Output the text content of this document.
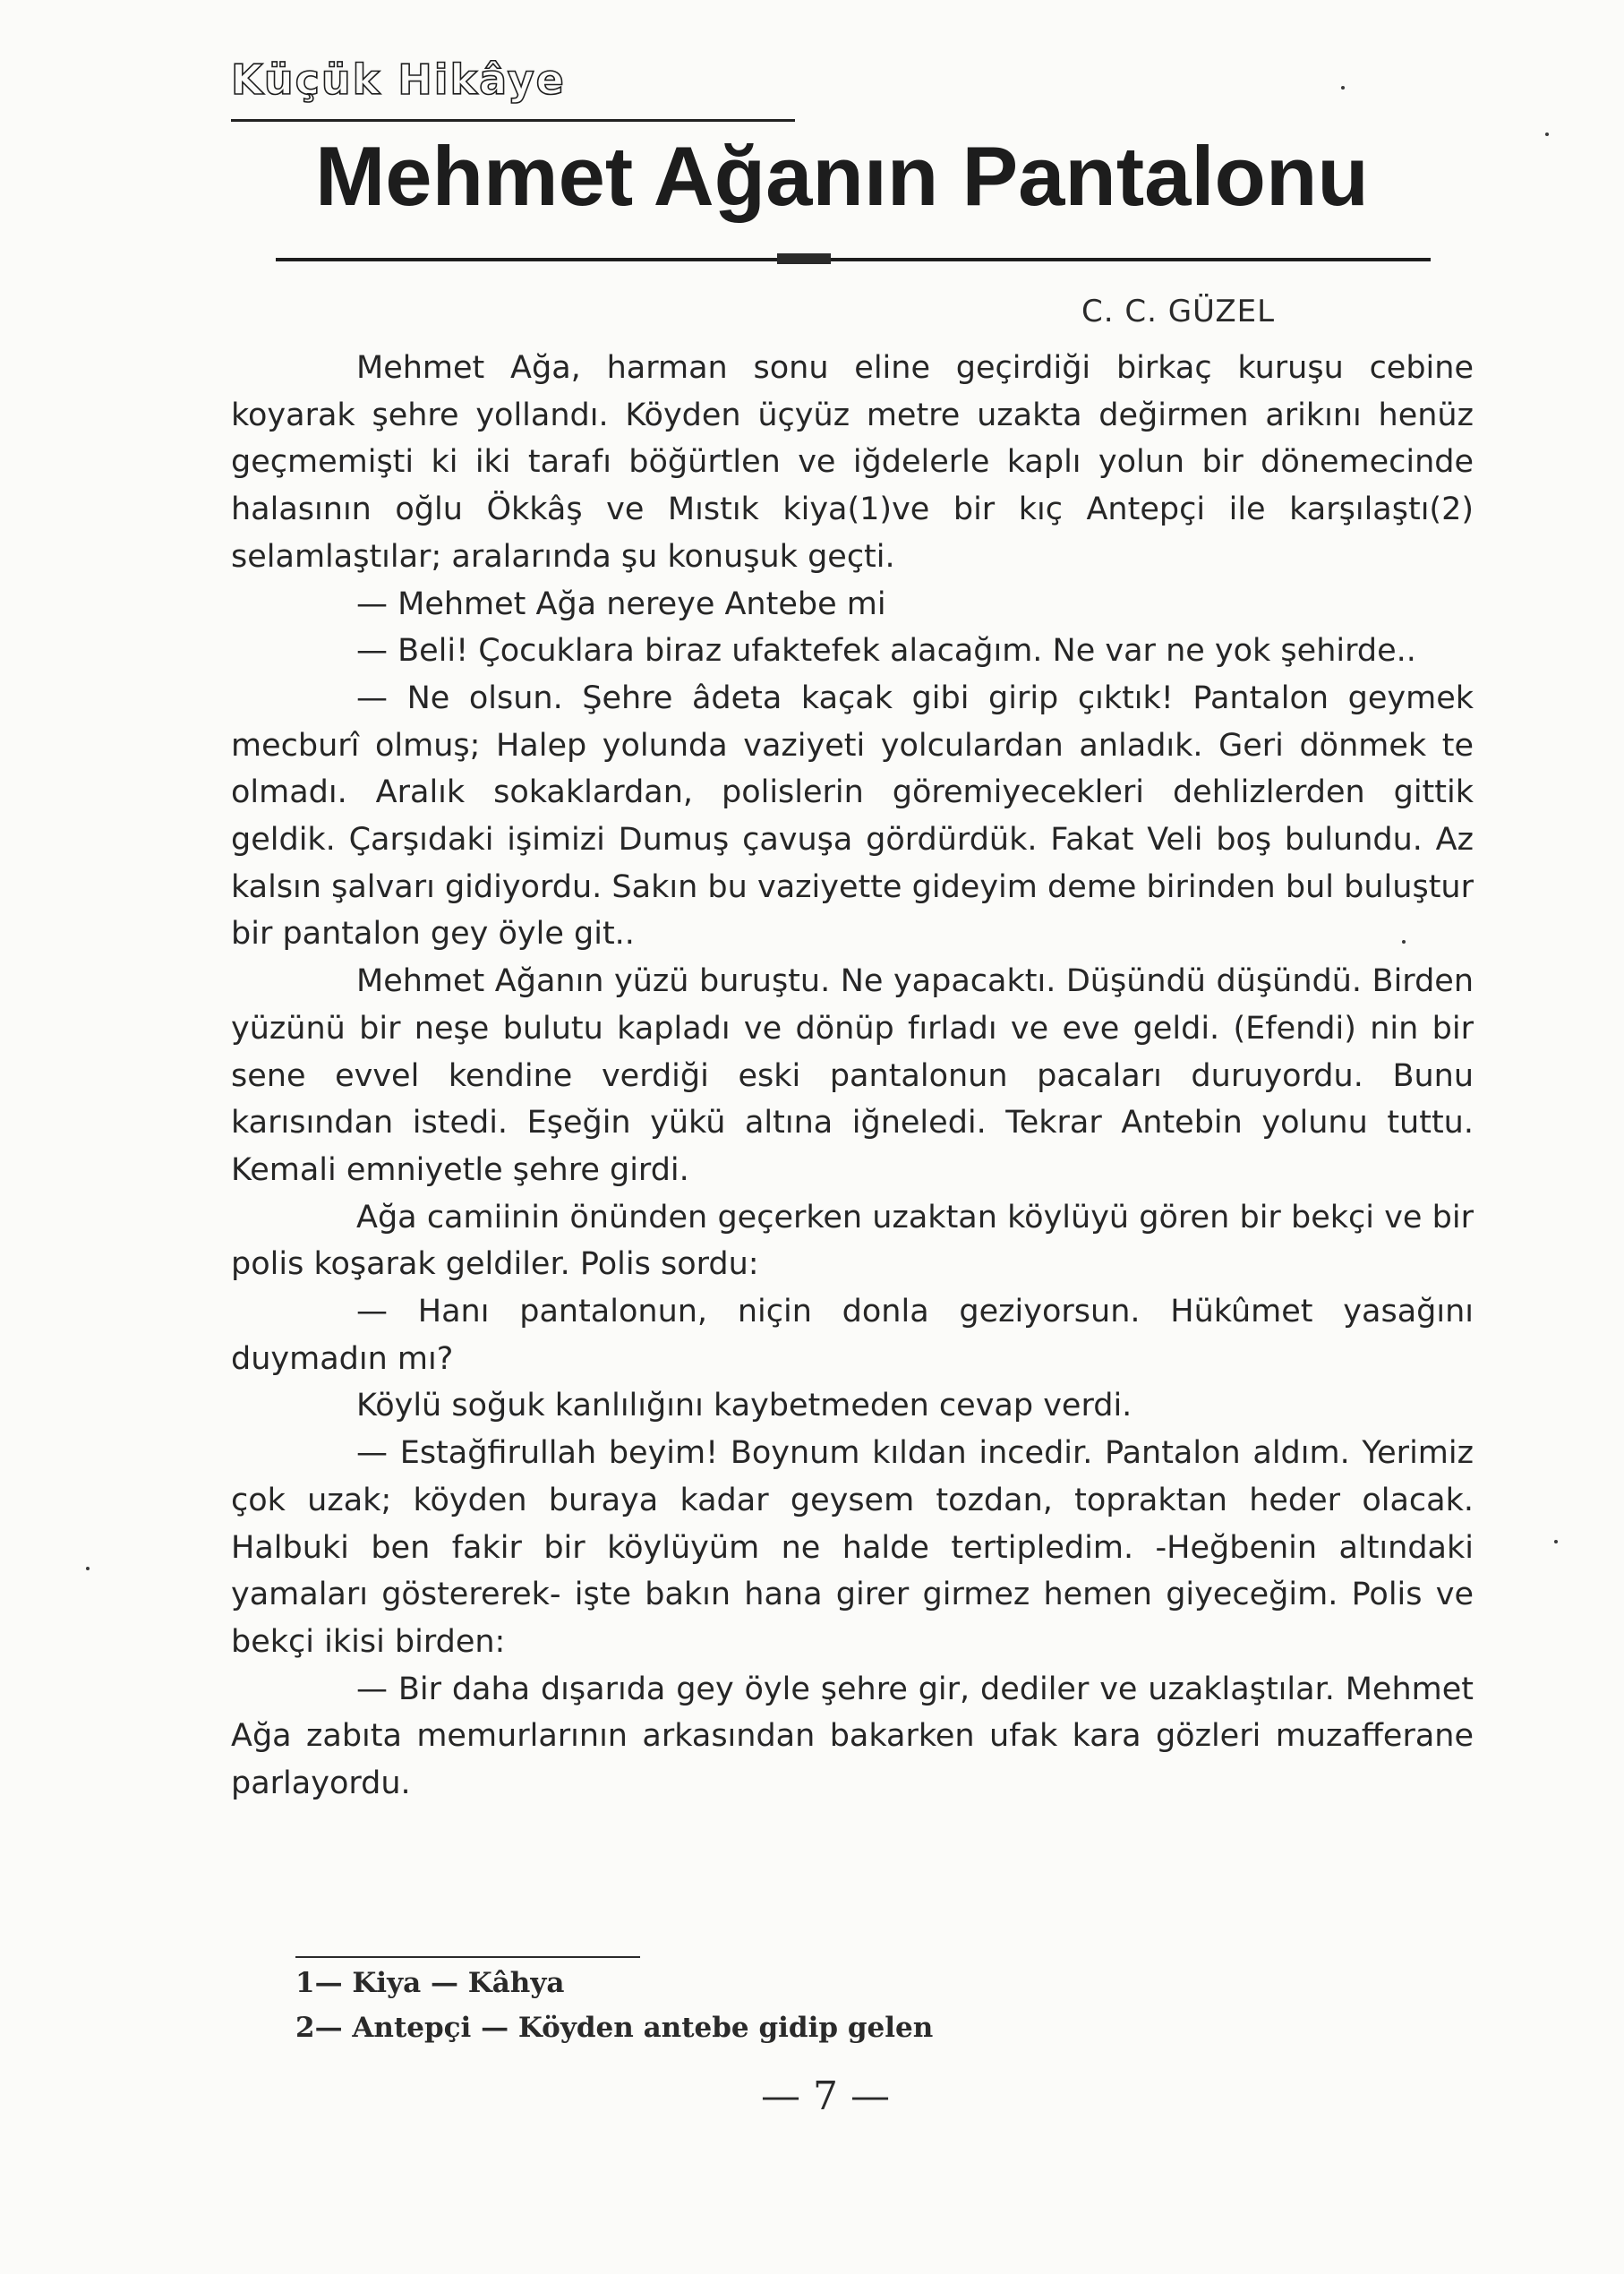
Küçük Hikâye
Mehmet Ağanın Pantalonu
C. C. GÜZEL

Mehmet Ağa, harman sonu eline geçirdiği birkaç kuruşu cebine koyarak şehre yollandı. Köyden üçyüz metre uzakta değirmen arikını henüz geçmemişti ki iki tarafı böğürtlen ve iğdelerle kaplı yolun bir dönemecinde halasının oğlu Ökkâş ve Mıstık kiya(1)ve bir kıç Antepçi ile karşılaştı(2) selamlaştılar; aralarında şu konuşuk geçti.

— Mehmet Ağa nereye Antebe mi

— Beli! Çocuklara biraz ufaktefek alacağım. Ne var ne yok şehirde..

— Ne olsun. Şehre âdeta kaçak gibi girip çıktık! Pantalon geymek mecburî olmuş; Halep yolunda vaziyeti yolculardan anladık. Geri dönmek te olmadı. Aralık sokaklardan, polislerin göremiyecekleri dehlizlerden gittik geldik. Çarşıdaki işimizi Dumuş çavuşa gördürdük. Fakat Veli boş bulundu. Az kalsın şalvarı gidiyordu. Sakın bu vaziyette gideyim deme birinden bul buluştur bir pantalon gey öyle git..

Mehmet Ağanın yüzü buruştu. Ne yapacaktı. Düşündü düşündü. Birden yüzünü bir neşe bulutu kapladı ve dönüp fırladı ve eve geldi. (Efendi) nin bir sene evvel kendine verdiği eski pantalonun pacaları duruyordu. Bunu karısından istedi. Eşeğin yükü altına iğneledi. Tekrar Antebin yolunu tuttu. Kemali emniyetle şehre girdi.

Ağa camiinin önünden geçerken uzaktan köylüyü gören bir bekçi ve bir polis koşarak geldiler. Polis sordu:

— Hanı pantalonun, niçin donla geziyorsun. Hükûmet yasağını duymadın mı?

Köylü soğuk kanlılığını kaybetmeden cevap verdi.

— Estağfirullah beyim! Boynum kıldan incedir. Pantalon aldım. Yerimiz çok uzak; köyden buraya kadar geysem tozdan, topraktan heder olacak. Halbuki ben fakir bir köylüyüm ne halde tertipledim. -Heğbenin altındaki yamaları göstererek- işte bakın hana girer girmez hemen giyeceğim. Polis ve bekçi ikisi birden:

— Bir daha dışarıda gey öyle şehre gir, dediler ve uzaklaştılar. Mehmet Ağa zabıta memurlarının arkasından bakarken ufak kara gözleri muzafferane parlayordu.

1— Kiya — Kâhya
2— Antepçi — Köyden antebe gidip gelen
— 7 —
